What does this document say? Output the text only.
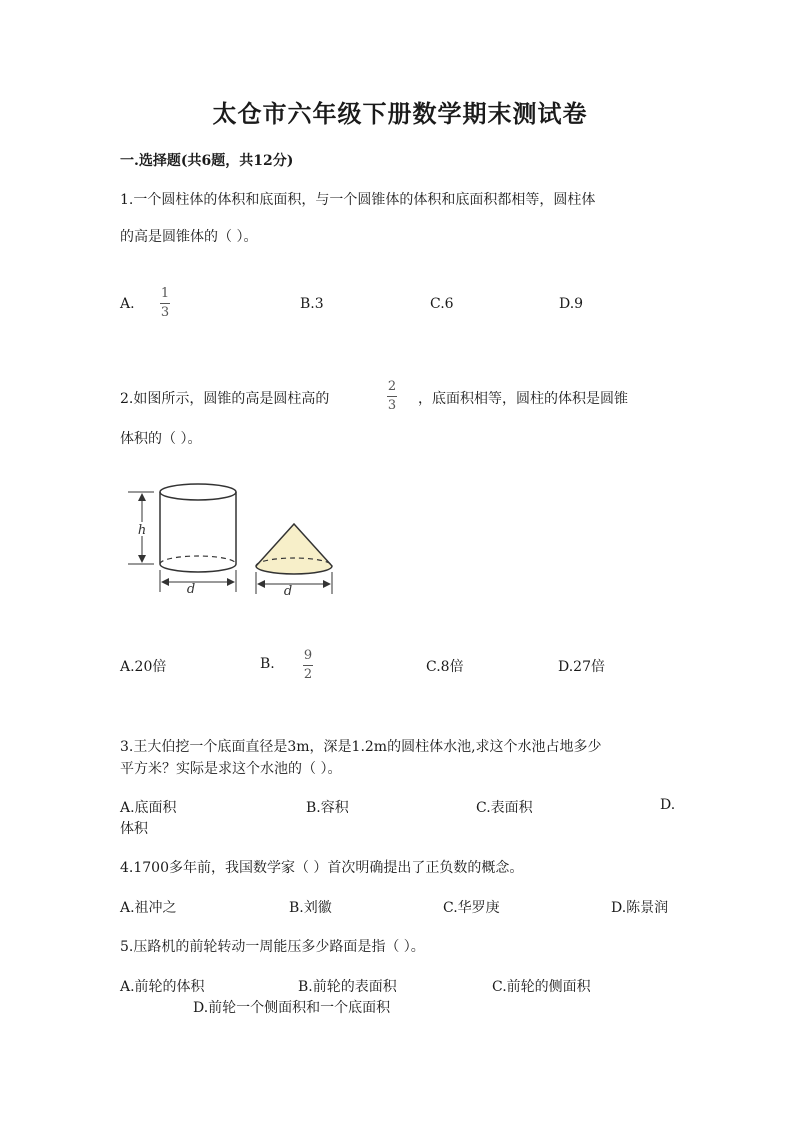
太仓市六年级下册数学期末测试卷
一.选择题(共6题，共12分)
1.一个圆柱体的体积和底面积，与一个圆锥体的体积和底面积都相等，圆柱体
的高是圆锥体的（ ）。
A.
1
3
B.3	C.6	D.9
2.如图所示，圆锥的高是圆柱高的
2
3 ，底面积相等，圆柱的体积是圆锥
体积的（ ）。
h
d	d
A.20倍	B.
9
2	C.8倍	D.27倍
3.王大伯挖一个底面直径是3m，深是1.2m的圆柱体水池,求这个水池占地多少
平方米？实际是求这个水池的（ ）。
A.底面积	B.容积	C.表面积	D.
体积
4.1700多年前，我国数学家（ ）首次明确提出了正负数的概念。
A.祖冲之	B.刘徽	C.华罗庚	D.陈景润
5.压路机的前轮转动一周能压多少路面是指（ ）。
A.前轮的体积	B.前轮的表面积	C.前轮的侧面积
D.前轮一个侧面积和一个底面积
